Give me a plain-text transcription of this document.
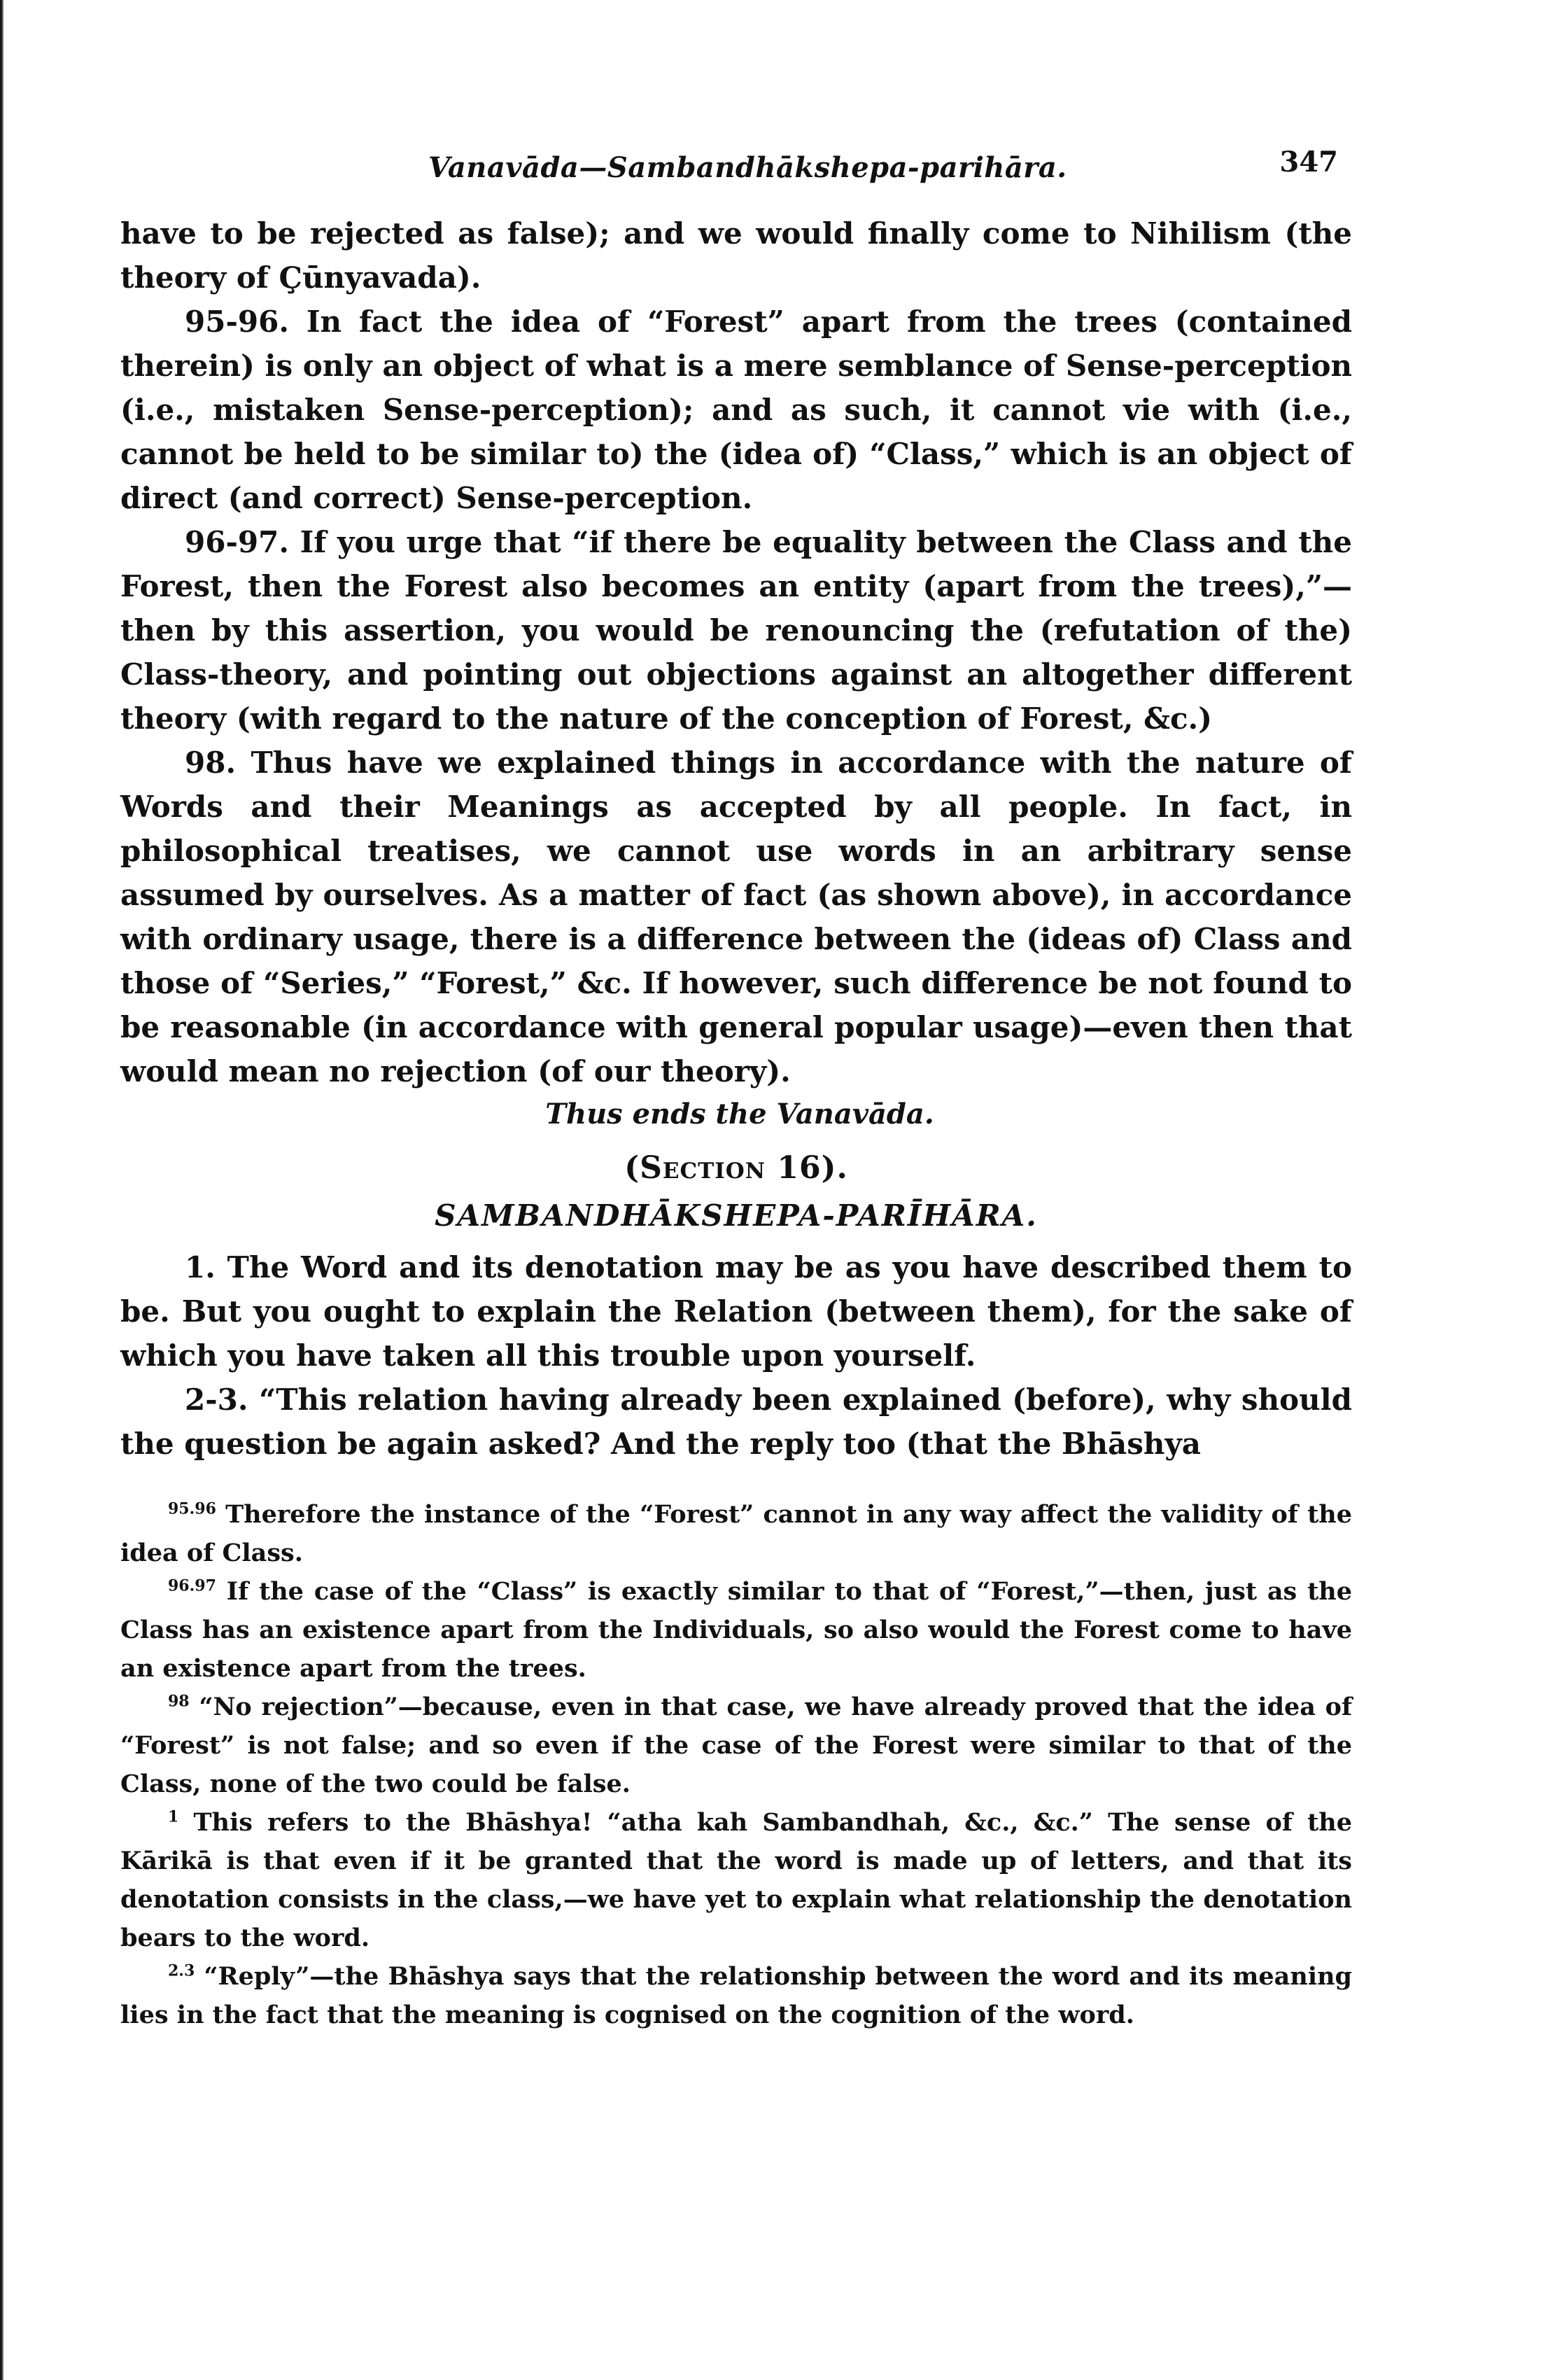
Vanavāda—Sambandhākshepa-parihāra.	347

have to be rejected as false); and we would finally come to Nihilism (the theory of Çūnyavada).

95-96. In fact the idea of “Forest” apart from the trees (contained therein) is only an object of what is a mere semblance of Sense-perception (i.e., mistaken Sense-perception); and as such, it cannot vie with (i.e., cannot be held to be similar to) the (idea of) “Class,” which is an object of direct (and correct) Sense-perception.

96-97. If you urge that “if there be equality between the Class and the Forest, then the Forest also becomes an entity (apart from the trees),”—then by this assertion, you would be renouncing the (refutation of the) Class-theory, and pointing out objections against an altogether different theory (with regard to the nature of the conception of Forest, &c.)

98. Thus have we explained things in accordance with the nature of Words and their Meanings as accepted by all people. In fact, in philosophical treatises, we cannot use words in an arbitrary sense assumed by ourselves. As a matter of fact (as shown above), in accordance with ordinary usage, there is a difference between the (ideas of) Class and those of “Series,” “Forest,” &c. If however, such difference be not found to be reasonable (in accordance with general popular usage)—even then that would mean no rejection (of our theory).

Thus ends the Vanavāda.
(Section 16).
SAMBANDHĀKSHEPA-PARĪHĀRA.

1. The Word and its denotation may be as you have described them to be. But you ought to explain the Relation (between them), for the sake of which you have taken all this trouble upon yourself.

2-3. “This relation having already been explained (before), why should the question be again asked? And the reply too (that the Bhāshya

$^{95.96}$ Therefore the instance of the “Forest” cannot in any way affect the validity of the idea of Class.

$^{96.97}$ If the case of the “Class” is exactly similar to that of “Forest,”—then, just as the Class has an existence apart from the Individuals, so also would the Forest come to have an existence apart from the trees.

$^{98}$ “No rejection”—because, even in that case, we have already proved that the idea of “Forest” is not false; and so even if the case of the Forest were similar to that of the Class, none of the two could be false.

$^1$ This refers to the Bhāshya! “atha kah Sambandhah, &c., &c.” The sense of the Kārikā is that even if it be granted that the word is made up of letters, and that its denotation consists in the class,—we have yet to explain what relationship the denotation bears to the word.

$^{2.3}$ “Reply”—the Bhāshya says that the relationship between the word and its meaning lies in the fact that the meaning is cognised on the cognition of the word.
